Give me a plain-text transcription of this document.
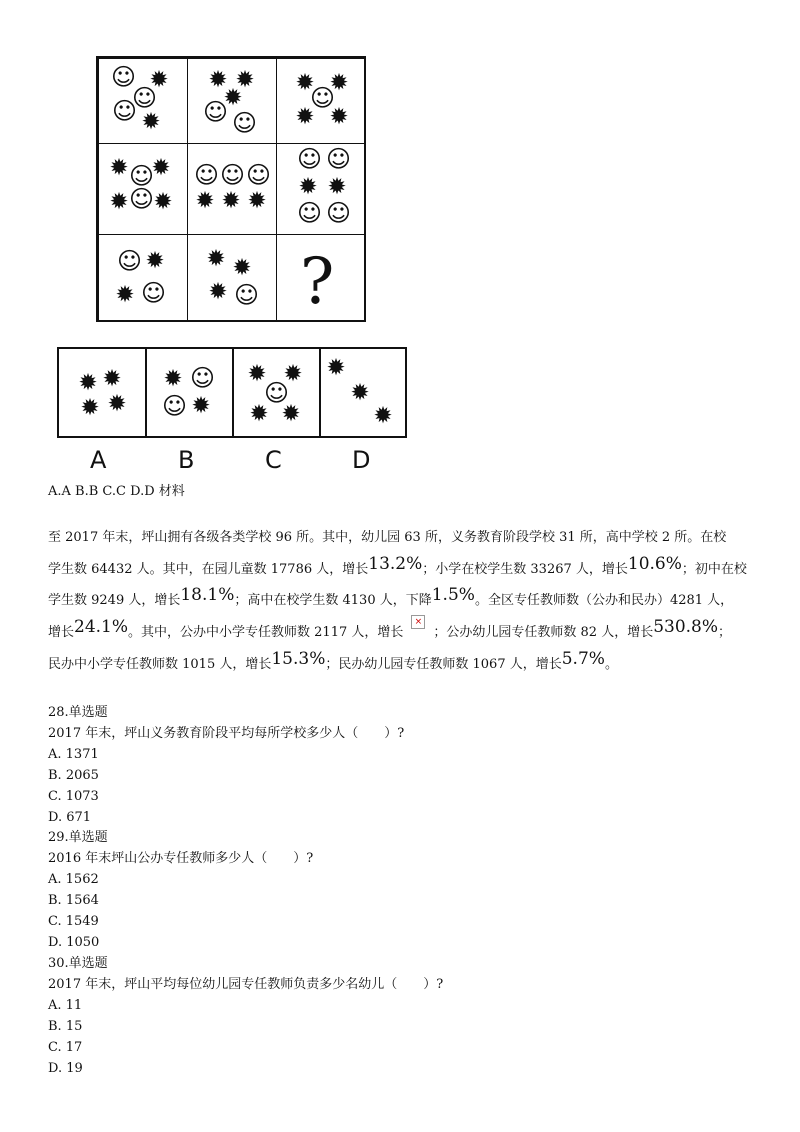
☺ ✹
☺
☺ ✹
✹ ✹
✹
☺ ☺
✹ ✹
☺
✹ ✹
✹ ☺
✹
✹ ☺ ✹
☺ ☺ ☺
✹ ✹ ✹
☺ ☺
✹ ✹
☺ ☺
☺ ✹
✹ ☺
✹ ✹
✹ ☺ ?
✹ ✹
✹ ✹
✹ ☺
☺ ✹
✹ ✹
☺
✹ ✹
✹
✹
✹
A	B	C	D
A.A B.B C.C D.D 材料
至 2017 年末，坪山拥有各级各类学校 96 所。其中，幼儿园 63 所，义务教育阶段学校 31 所，高中学校 2 所。在校
学生数 64432 人。其中，在园儿童数 17786 人，增长13.2%；小学在校学生数 33267 人，增长10.6%；初中在校
学生数 9249 人，增长18.1%；高中在校学生数 4130 人，下降1.5%。全区专任教师数（公办和民办）4281 人，
增长24.1%。其中，公办中小学专任教师数 2117 人，增长×；公办幼儿园专任教师数 82 人，增长530.8%；
民办中小学专任教师数 1015 人，增长15.3%；民办幼儿园专任教师数 1067 人，增长5.7%。
28.单选题
2017 年末，坪山义务教育阶段平均每所学校多少人（　　）?
A. 1371
B. 2065
C. 1073
D. 671
29.单选题
2016 年末坪山公办专任教师多少人（　　）?
A. 1562
B. 1564
C. 1549
D. 1050
30.单选题
2017 年末，坪山平均每位幼儿园专任教师负责多少名幼儿（　　）?
A. 11
B. 15
C. 17
D. 19
